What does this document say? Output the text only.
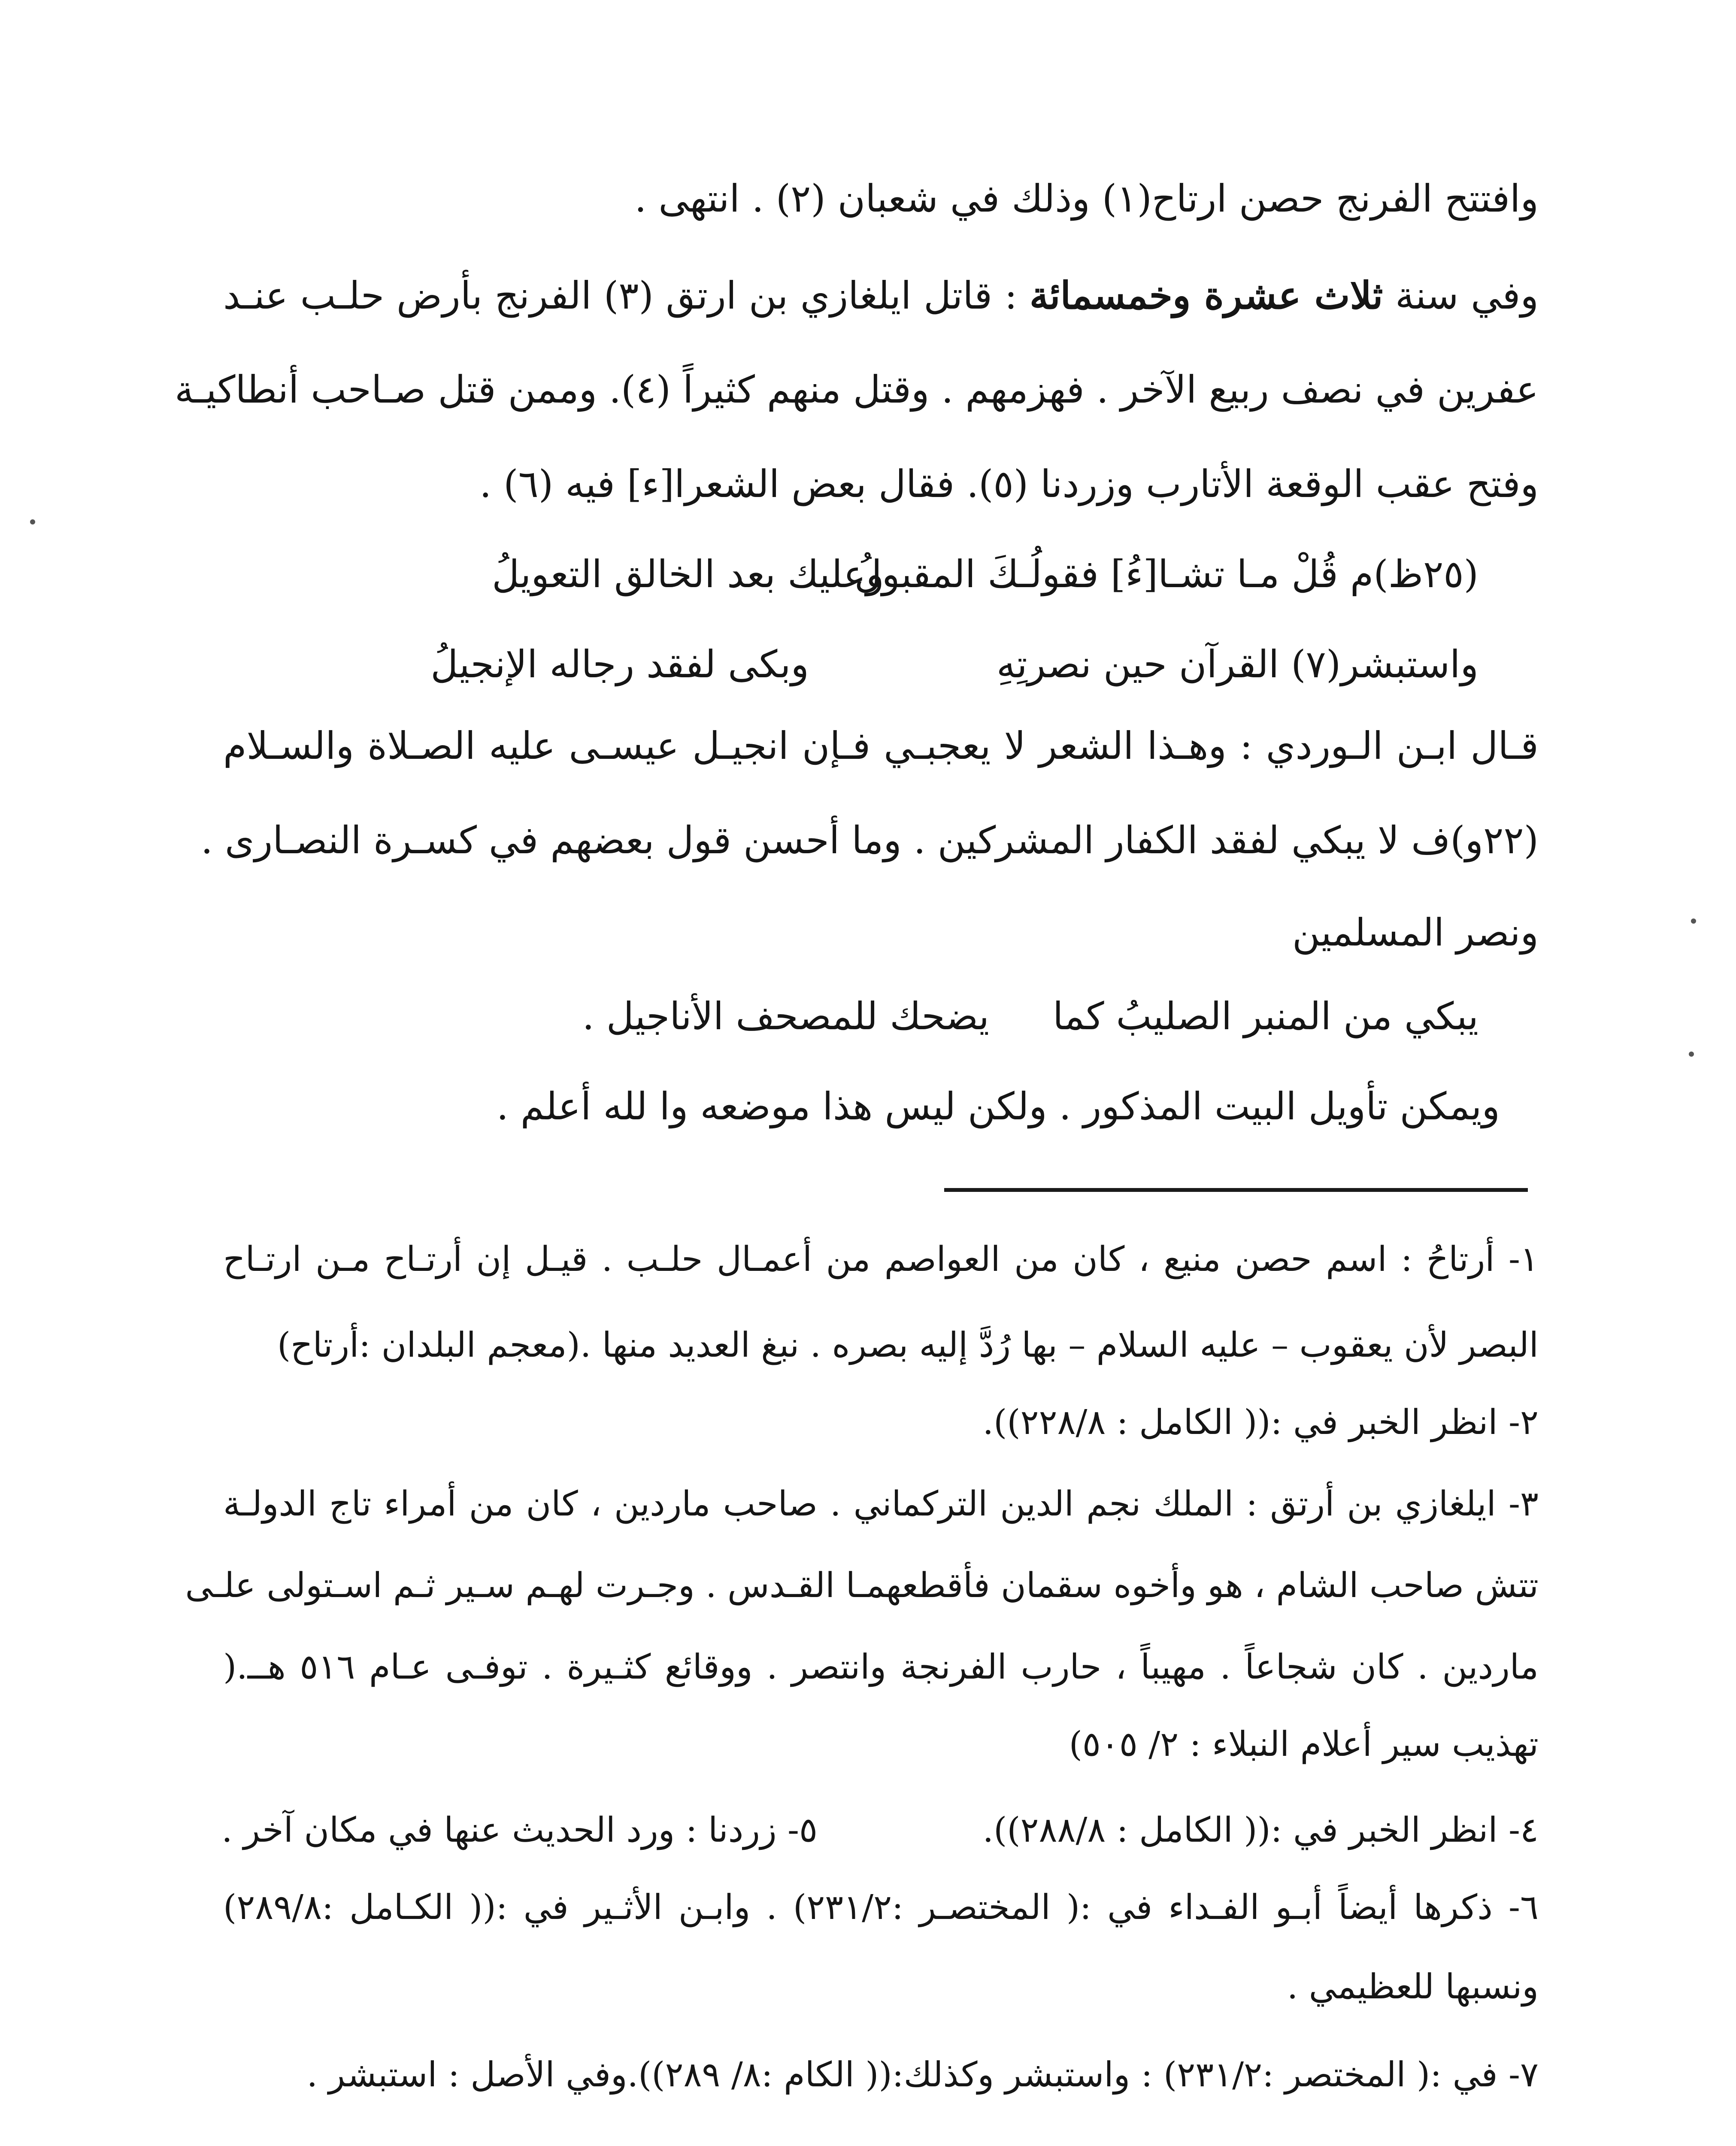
وافتتح الفرنج حصن ارتاح(١) وذلك في شعبان (٢) . انتهى .
وفي سنة ثلاث عشرة وخمسمائة : قاتل ايلغازي بن ارتق (٣) الفرنج بأرض حلـب عنـد
عفرين في نصف ربيع الآخر . فهزمهم . وقتل منهم كثيراً (٤). وممن قتل صـاحب أنطاكيـة
وفتح عقب الوقعة الأتارب وزردنا (٥). فقال بعض الشعرا[ء] فيه (٦) .
قـال ابـن الـوردي : وهـذا الشعر لا يعجبـي فـإن انجيـل عيسـى عليه الصـلاة والسـلام
(٢٢و)ف لا يبكي لفقد الكفار المشركين . وما أحسن قول بعضهم في كسـرة النصـارى .
ونصر المسلمين
ويمكن تأويل البيت المذكور . ولكن ليس هذا موضعه وا لله أعلم .
(٢٥ظ)م قُلْ مـا تشـا[ءُ] فقولُـكَ المقبولُ
وعليك بعد الخالق التعويلُ
واستبشر(٧) القرآن حين نصرتِهِ
وبكى لفقد رجاله الإنجيلُ
يبكي من المنبر الصليبُ كما
يضحك للمصحف الأناجيل .
١- أرتاحُ : اسم حصن منيع ، كان من العواصم من أعمـال حلـب . قيـل إن أرتـاح مـن ارتـاح
البصر لأن يعقوب – عليه السلام – بها رُدَّ إليه بصره . نبغ العديد منها .(معجم البلدان :أرتاح)
٢- انظر الخبر في :(( الكامل : ٢٢٨/٨)).
٣- ايلغازي بن أرتق : الملك نجم الدين التركماني . صاحب ماردين ، كان من أمراء تاج الدولـة
تتش صاحب الشام ، هو وأخوه سقمان فأقطعهمـا القـدس . وجـرت لهـم سـير ثـم اسـتولى علـى
ماردين . كان شجاعاً . مهيباً ، حارب الفرنجة وانتصر . ووقائع كثـيرة . توفـى عـام ٥١٦ هــ.(
تهذيب سير أعلام النبلاء : ٢/ ٥٠٥)
٤- انظر الخبر في :(( الكامل : ٢٨٨/٨)).
٥- زردنا : ورد الحديث عنها في مكان آخر .
٦- ذكرها أيضاً أبـو الفـداء في :( المختصـر :٢٣١/٢) . وابـن الأثـير في :(( الكـامل :٢٨٩/٨)
ونسبها للعظيمي .
٧- في :( المختصر :٢٣١/٢) : واستبشر وكذلك:(( الكام :٨/ ٢٨٩)).وفي الأصل : استبشر .
